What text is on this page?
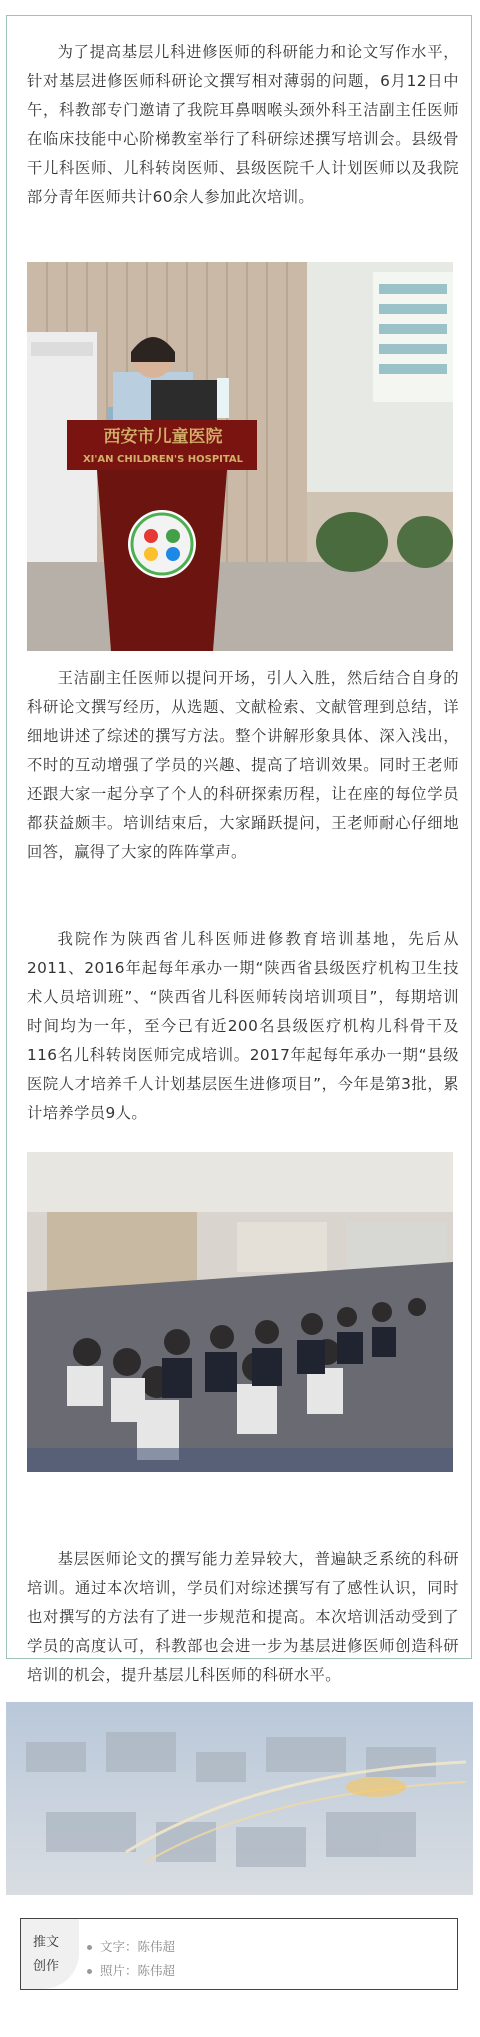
为了提高基层儿科进修医师的科研能力和论文写作水平，针对基层进修医师科研论文撰写相对薄弱的问题，6月12日中午，科教部专门邀请了我院耳鼻咽喉头颈外科王洁副主任医师在临床技能中心阶梯教室举行了科研综述撰写培训会。县级骨干儿科医师、儿科转岗医师、县级医院千人计划医师以及我院部分青年医师共计60余人参加此次培训。

西安市儿童医院
XI'AN CHILDREN'S HOSPITAL

王洁副主任医师以提问开场，引人入胜，然后结合自身的科研论文撰写经历，从选题、文献检索、文献管理到总结，详细地讲述了综述的撰写方法。整个讲解形象具体、深入浅出，不时的互动增强了学员的兴趣、提高了培训效果。同时王老师还跟大家一起分享了个人的科研探索历程，让在座的每位学员都获益颇丰。培训结束后，大家踊跃提问，王老师耐心仔细地回答，赢得了大家的阵阵掌声。

我院作为陕西省儿科医师进修教育培训基地，先后从2011、2016年起每年承办一期“陕西省县级医疗机构卫生技术人员培训班”、“陕西省儿科医师转岗培训项目”，每期培训时间均为一年，至今已有近200名县级医疗机构儿科骨干及116名儿科转岗医师完成培训。2017年起每年承办一期“县级医院人才培养千人计划基层医生进修项目”，今年是第3批，累计培养学员9人。

基层医师论文的撰写能力差异较大，普遍缺乏系统的科研培训。通过本次培训，学员们对综述撰写有了感性认识，同时也对撰写的方法有了进一步规范和提高。本次培训活动受到了学员的高度认可，科教部也会进一步为基层进修医师创造科研培训的机会，提升基层儿科医师的科研水平。

推文
创作
文字：陈伟超
照片：陈伟超
